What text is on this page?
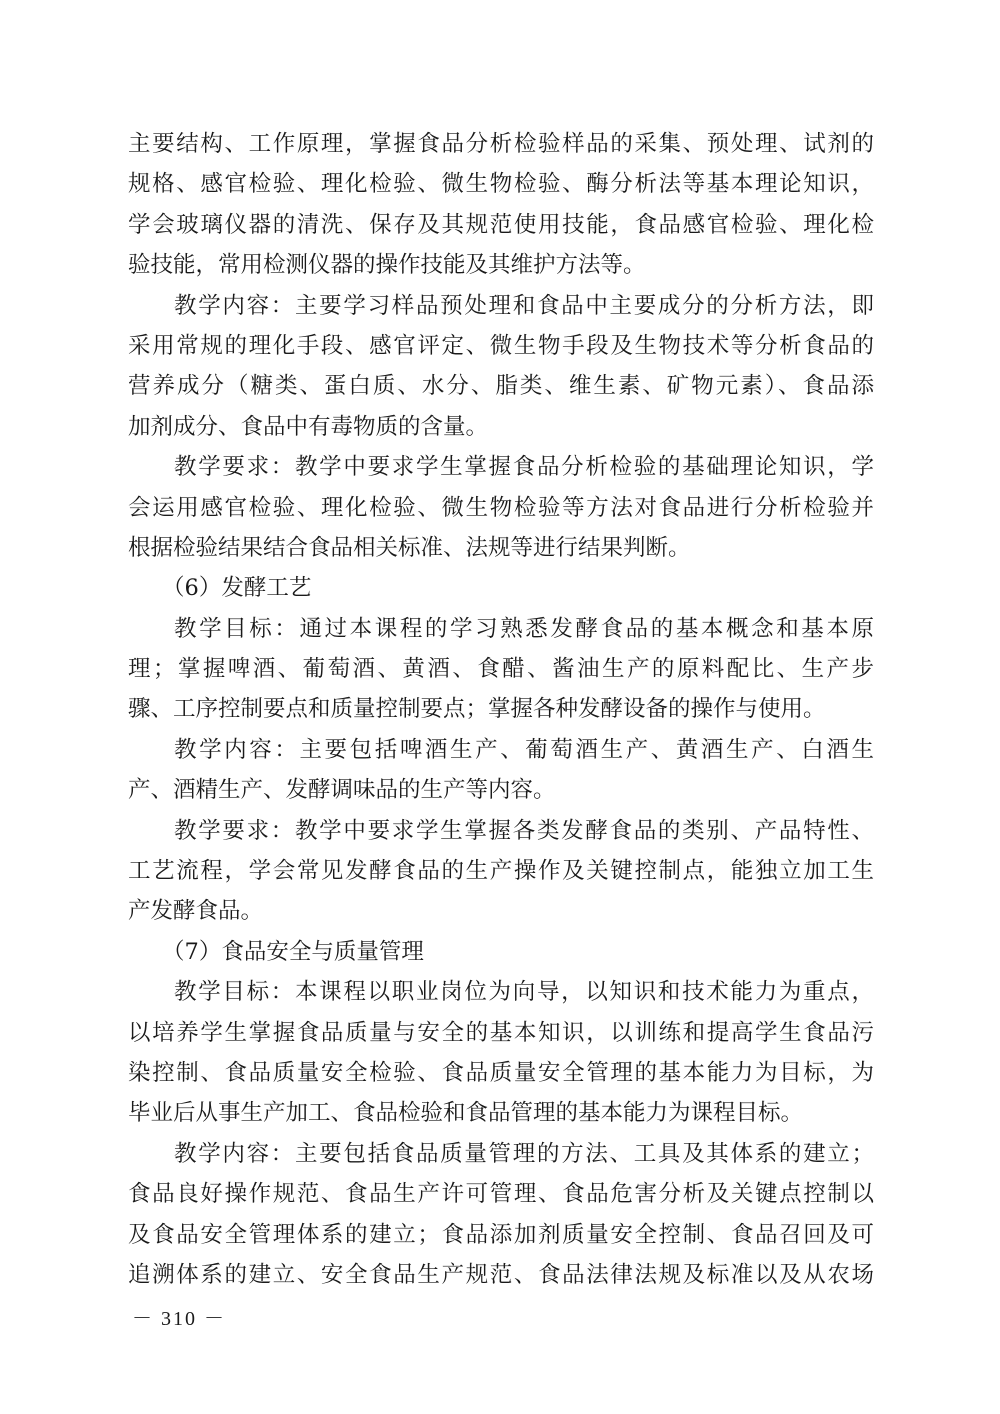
主要结构、工作原理，掌握食品分析检验样品的采集、预处理、试剂的
规格、感官检验、理化检验、微生物检验、酶分析法等基本理论知识，
学会玻璃仪器的清洗、保存及其规范使用技能，食品感官检验、理化检
验技能，常用检测仪器的操作技能及其维护方法等。
教学内容：主要学习样品预处理和食品中主要成分的分析方法，即
采用常规的理化手段、感官评定、微生物手段及生物技术等分析食品的
营养成分（糖类、蛋白质、水分、脂类、维生素、矿物元素）、食品添
加剂成分、食品中有毒物质的含量。
教学要求：教学中要求学生掌握食品分析检验的基础理论知识，学
会运用感官检验、理化检验、微生物检验等方法对食品进行分析检验并
根据检验结果结合食品相关标准、法规等进行结果判断。
（6）发酵工艺
教学目标：通过本课程的学习熟悉发酵食品的基本概念和基本原
理；掌握啤酒、葡萄酒、黄酒、食醋、酱油生产的原料配比、生产步
骤、工序控制要点和质量控制要点；掌握各种发酵设备的操作与使用。
教学内容：主要包括啤酒生产、葡萄酒生产、黄酒生产、白酒生
产、酒精生产、发酵调味品的生产等内容。
教学要求：教学中要求学生掌握各类发酵食品的类别、产品特性、
工艺流程，学会常见发酵食品的生产操作及关键控制点，能独立加工生
产发酵食品。
（7）食品安全与质量管理
教学目标：本课程以职业岗位为向导，以知识和技术能力为重点，
以培养学生掌握食品质量与安全的基本知识，以训练和提高学生食品污
染控制、食品质量安全检验、食品质量安全管理的基本能力为目标，为
毕业后从事生产加工、食品检验和食品管理的基本能力为课程目标。
教学内容：主要包括食品质量管理的方法、工具及其体系的建立；
食品良好操作规范、食品生产许可管理、食品危害分析及关键点控制以
及食品安全管理体系的建立；食品添加剂质量安全控制、食品召回及可
追溯体系的建立、安全食品生产规范、食品法律法规及标准以及从农场
－ 310 －
